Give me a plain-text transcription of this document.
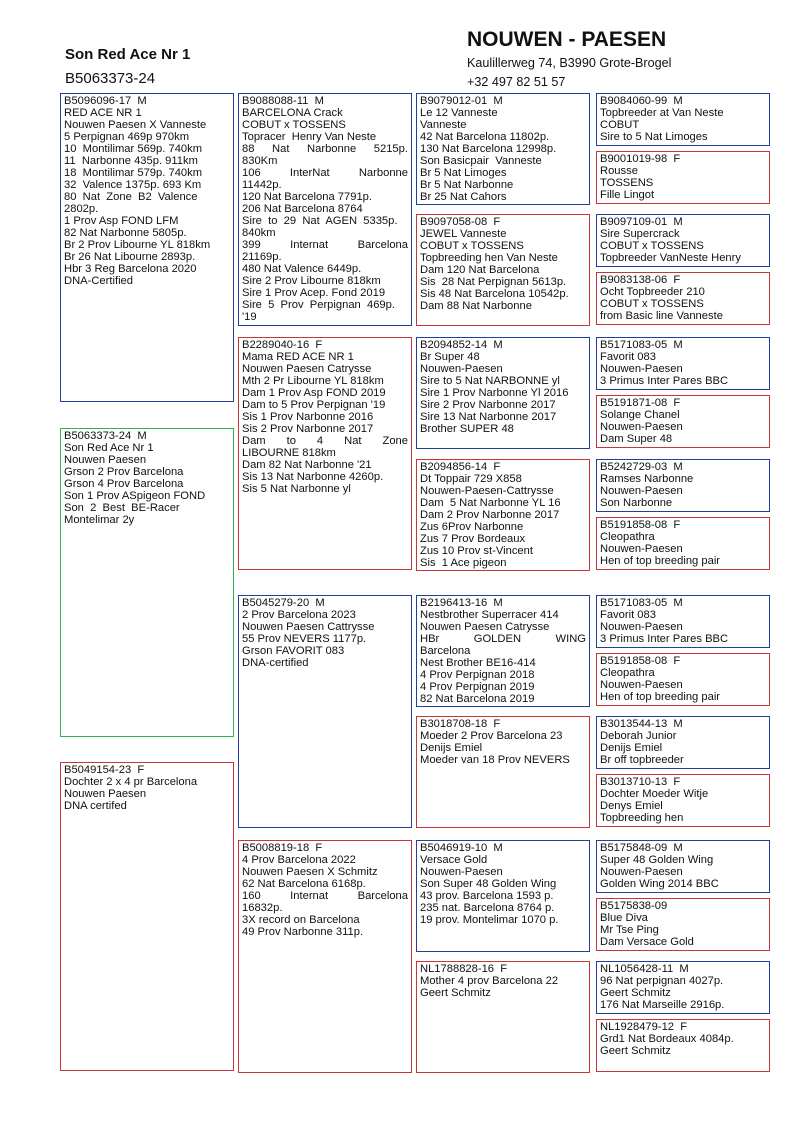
Son Red Ace Nr 1
B5063373-24
NOUWEN - PAESEN
Kaulillerweg 74, B3990 Grote-Brogel
+32 497 82 51 57
B5063373-24  M
Son Red Ace Nr 1
Nouwen Paesen
Grson 2 Prov Barcelona
Grson 4 Prov Barcelona
Son 1 Prov ASpigeon FOND
Son  2  Best  BE-Racer
Montelimar 2y
B5096096-17  M
RED ACE NR 1
Nouwen Paesen X Vanneste
5 Perpignan 469p 970km
10  Montilimar 569p. 740km
11  Narbonne 435p. 911km
18  Montilimar 579p. 740km
32  Valence 1375p. 693 Km
80  Nat  Zone  B2  Valence
2802p.
1 Prov Asp FOND LFM
82 Nat Narbonne 5805p.
Br 2 Prov Libourne YL 818km
Br 26 Nat Libourne 2893p.
Hbr 3 Reg Barcelona 2020
DNA-Certified
B5049154-23  F
Dochter 2 x 4 pr Barcelona
Nouwen Paesen
DNA certifed
B9088088-11  M
BARCELONA Crack
COBUT x TOSSENS
Topracer  Henry Van Neste
88 Nat Narbonne 5215p.
830Km
106 InterNat Narbonne
11442p.
120 Nat Barcelona 7791p.
206 Nat Barcelona 8764
Sire  to  29  Nat  AGEN  5335p.
840km
399 Internat Barcelona
21169p.
480 Nat Valence 6449p.
Sire 2 Prov Libourne 818km
Sire 1 Prov Acep. Fond 2019
Sire  5  Prov  Perpignan  469p.
'19
B2289040-16  F
Mama RED ACE NR 1
Nouwen Paesen Catrysse
Mth 2 Pr Libourne YL 818km
Dam 1 Prov Asp FOND 2019
Dam to 5 Prov Perpignan '19
Sis 1 Prov Narbonne 2016
Sis 2 Prov Narbonne 2017
Dam to 4 Nat Zone
LIBOURNE 818km
Dam 82 Nat Narbonne '21
Sis 13 Nat Narbonne 4260p.
Sis 5 Nat Narbonne yl
B5045279-20  M
2 Prov Barcelona 2023
Nouwen Paesen Cattrysse
55 Prov NEVERS 1177p.
Grson FAVORIT 083
DNA-certified
B5008819-18  F
4 Prov Barcelona 2022
Nouwen Paesen X Schmitz
62 Nat Barcelona 6168p.
160 Internat Barcelona
16832p.
3X record on Barcelona
49 Prov Narbonne 311p.
B9079012-01  M
Le 12 Vanneste
Vanneste
42 Nat Barcelona 11802p.
130 Nat Barcelona 12998p.
Son Basicpair  Vanneste
Br 5 Nat Limoges
Br 5 Nat Narbonne
Br 25 Nat Cahors
B9097058-08  F
JEWEL Vanneste
COBUT x TOSSENS
Topbreeding hen Van Neste
Dam 120 Nat Barcelona
Sis  28 Nat Perpignan 5613p.
Sis 48 Nat Barcelona 10542p.
Dam 88 Nat Narbonne
B2094852-14  M
Br Super 48
Nouwen-Paesen
Sire to 5 Nat NARBONNE yl
Sire 1 Prov Narbonne Yl 2016
Sire 2 Prov Narbonne 2017
Sire 13 Nat Narbonne 2017
Brother SUPER 48
B2094856-14  F
Dt Toppair 729 X858
Nouwen-Paesen-Cattrysse
Dam  5 Nat Narbonne YL 16
Dam 2 Prov Narbonne 2017
Zus 6Prov Narbonne
Zus 7 Prov Bordeaux
Zus 10 Prov st-Vincent
Sis  1 Ace pigeon
B2196413-16  M
Nestbrother Superracer 414
Nouwen Paesen Catrysse
HBr GOLDEN WING
Barcelona
Nest Brother BE16-414
4 Prov Perpignan 2018
4 Prov Perpignan 2019
82 Nat Barcelona 2019
B3018708-18  F
Moeder 2 Prov Barcelona 23
Denijs Emiel
Moeder van 18 Prov NEVERS
B5046919-10  M
Versace Gold
Nouwen-Paesen
Son Super 48 Golden Wing
43 prov. Barcelona 1593 p.
235 nat. Barcelona 8764 p.
19 prov. Montelimar 1070 p.
NL1788828-16  F
Mother 4 prov Barcelona 22
Geert Schmitz
B9084060-99  M
Topbreeder at Van Neste
COBUT
Sire to 5 Nat Limoges
B9001019-98  F
Rousse
TOSSENS
Fille Lingot
B9097109-01  M
Sire Supercrack
COBUT x TOSSENS
Topbreeder VanNeste Henry
B9083138-06  F
Ocht Topbreeder 210
COBUT x TOSSENS
from Basic line Vanneste
B5171083-05  M
Favorit 083
Nouwen-Paesen
3 Primus Inter Pares BBC
B5191871-08  F
Solange Chanel
Nouwen-Paesen
Dam Super 48
B5242729-03  M
Ramses Narbonne
Nouwen-Paesen
Son Narbonne
B5191858-08  F
Cleopathra
Nouwen-Paesen
Hen of top breeding pair
B5171083-05  M
Favorit 083
Nouwen-Paesen
3 Primus Inter Pares BBC
B5191858-08  F
Cleopathra
Nouwen-Paesen
Hen of top breeding pair
B3013544-13  M
Deborah Junior
Denijs Emiel
Br off topbreeder
B3013710-13  F
Dochter Moeder Witje
Denys Emiel
Topbreeding hen
B5175848-09  M
Super 48 Golden Wing
Nouwen-Paesen
Golden Wing 2014 BBC
B5175838-09
Blue Diva
Mr Tse Ping
Dam Versace Gold
NL1056428-11  M
96 Nat perpignan 4027p.
Geert Schmitz
176 Nat Marseille 2916p.
NL1928479-12  F
Grd1 Nat Bordeaux 4084p.
Geert Schmitz
